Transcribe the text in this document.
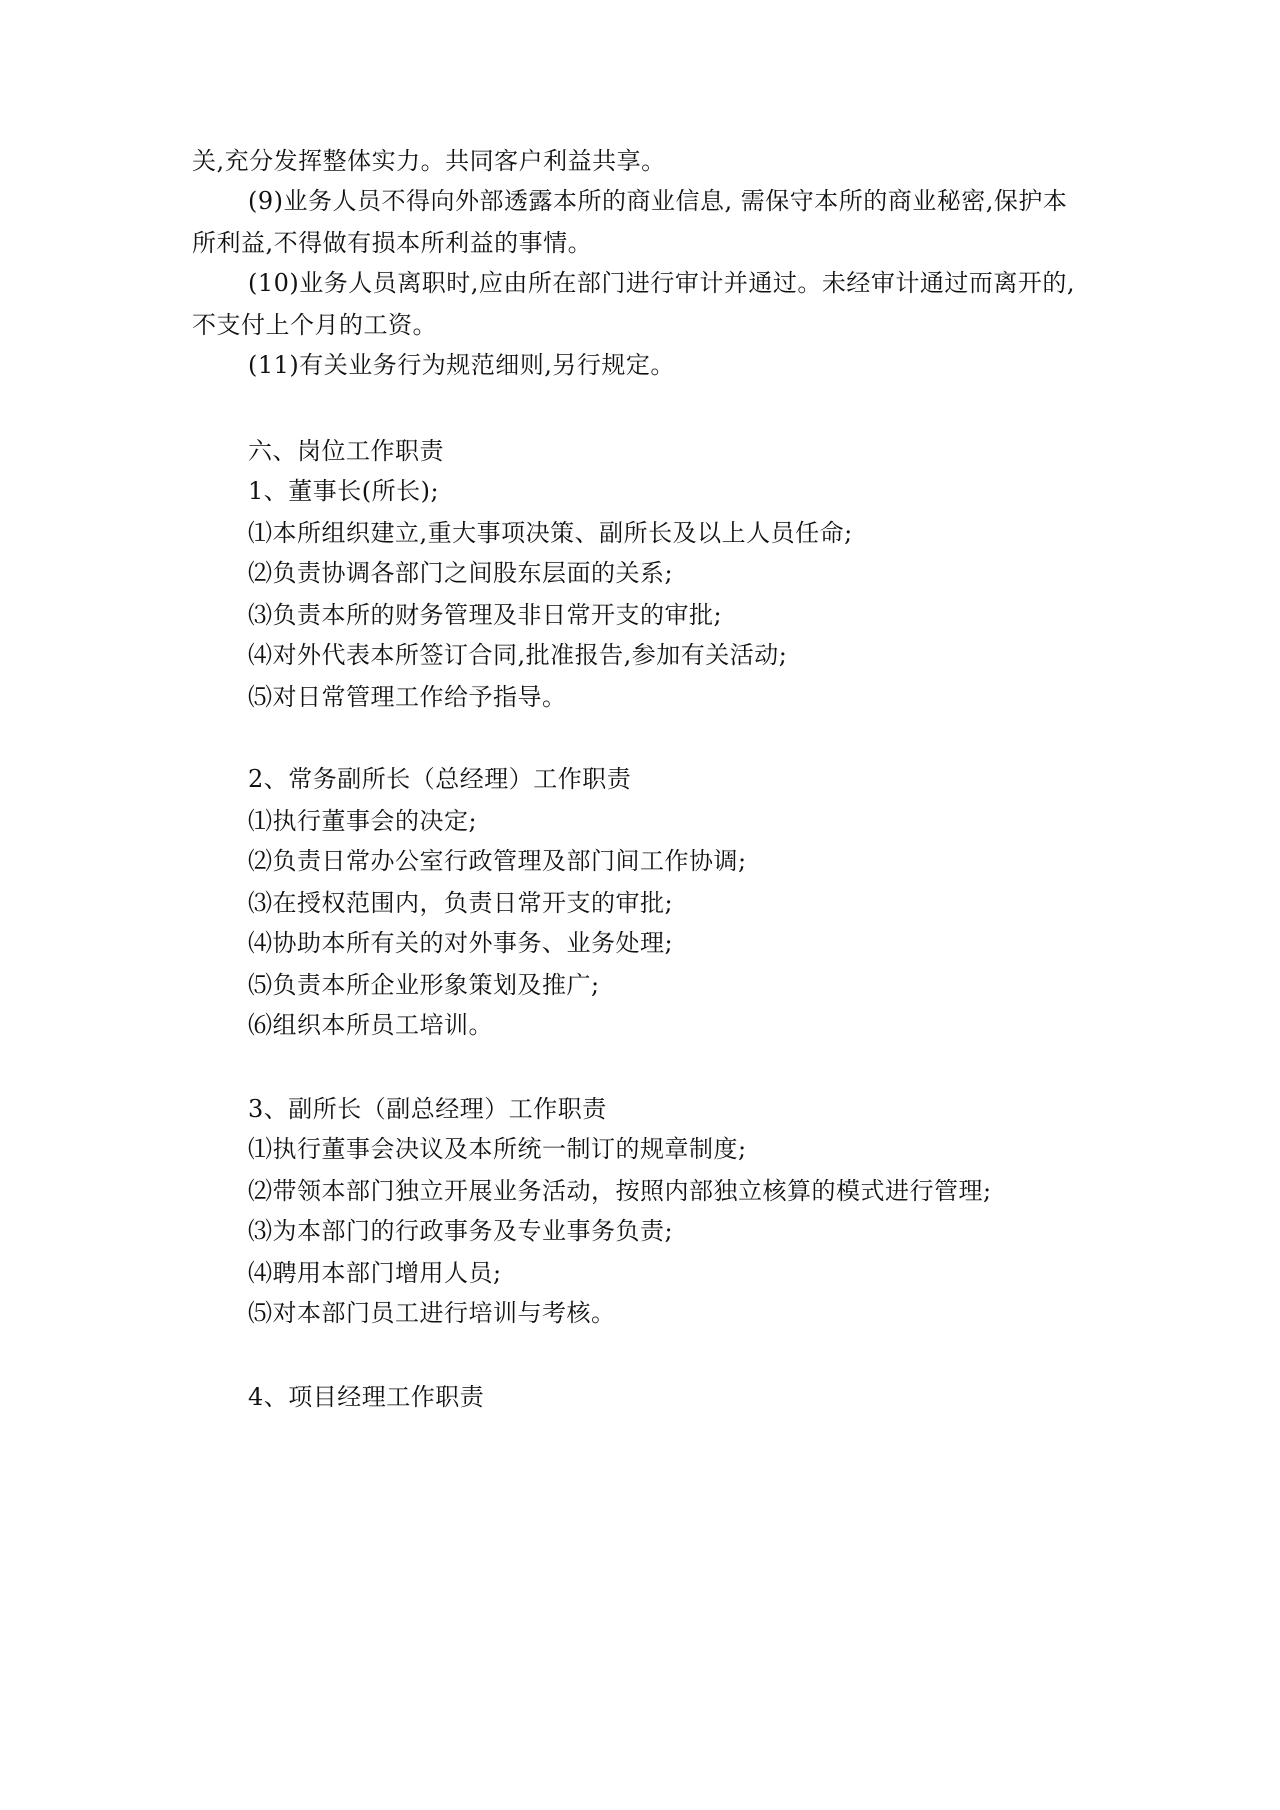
关,充分发挥整体实力。共同客户利益共享。
(9)业务人员不得向外部透露本所的商业信息, 需保守本所的商业秘密,保护本
所利益,不得做有损本所利益的事情。
(10)业务人员离职时,应由所在部门进行审计并通过。未经审计通过而离开的,
不支付上个月的工资。
(11)有关业务行为规范细则,另行规定。
六、岗位工作职责
1、董事长(所长);
⑴本所组织建立,重大事项决策、副所长及以上人员任命;
⑵负责协调各部门之间股东层面的关系;
⑶负责本所的财务管理及非日常开支的审批;
⑷对外代表本所签订合同,批准报告,参加有关活动;
⑸对日常管理工作给予指导。
2、常务副所长（总经理）工作职责
⑴执行董事会的决定;
⑵负责日常办公室行政管理及部门间工作协调;
⑶在授权范围内，负责日常开支的审批;
⑷协助本所有关的对外事务、业务处理;
⑸负责本所企业形象策划及推广;
⑹组织本所员工培训。
3、副所长（副总经理）工作职责
⑴执行董事会决议及本所统一制订的规章制度;
⑵带领本部门独立开展业务活动，按照内部独立核算的模式进行管理;
⑶为本部门的行政事务及专业事务负责;
⑷聘用本部门增用人员;
⑸对本部门员工进行培训与考核。
4、项目经理工作职责
